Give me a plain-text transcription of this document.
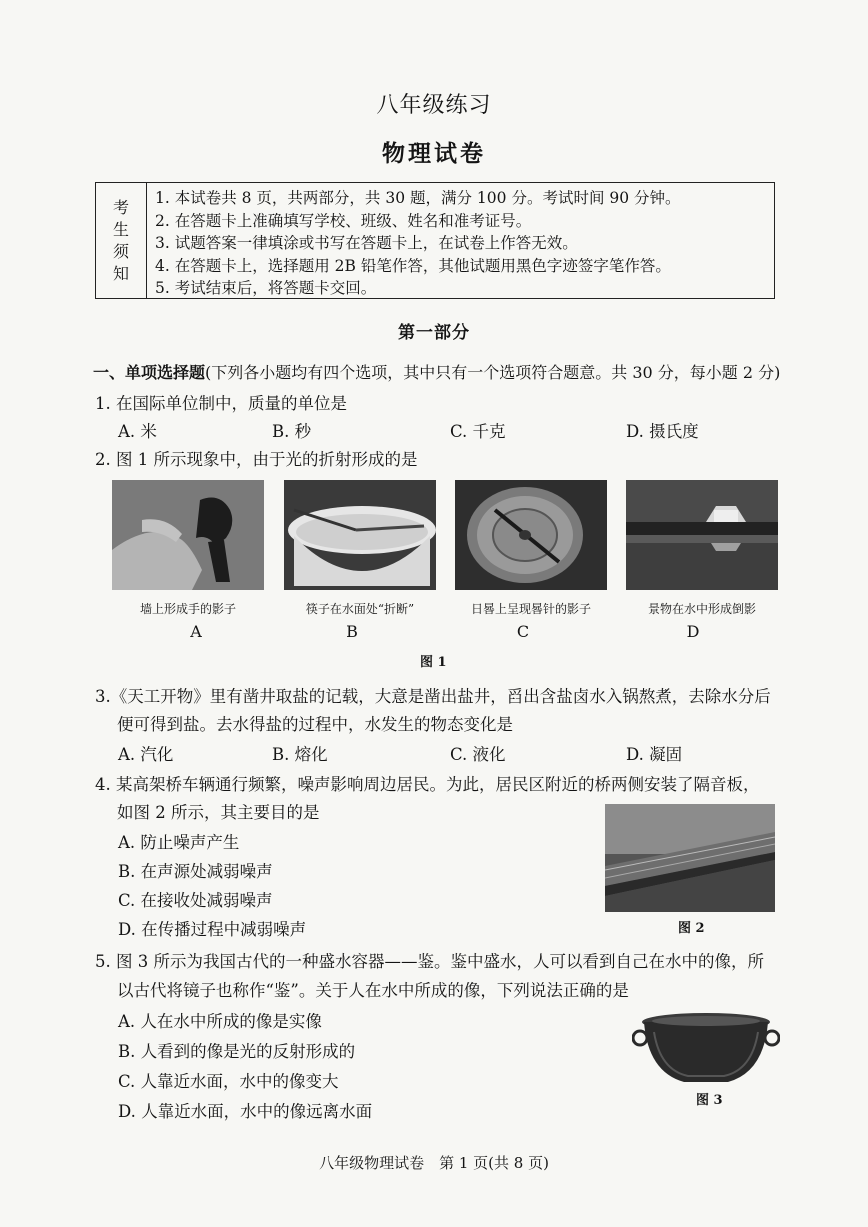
八年级练习
物理试卷
考
生
须
知
1. 本试卷共 8 页，共两部分，共 30 题，满分 100 分。考试时间 90 分钟。
2. 在答题卡上准确填写学校、班级、姓名和准考证号。
3. 试题答案一律填涂或书写在答题卡上，在试卷上作答无效。
4. 在答题卡上，选择题用 2B 铅笔作答，其他试题用黑色字迹签字笔作答。
5. 考试结束后，将答题卡交回。
第一部分
一、单项选择题(下列各小题均有四个选项，其中只有一个选项符合题意。共 30 分，每小题 2 分)
1. 在国际单位制中，质量的单位是
A. 米	B. 秒	C. 千克	D. 摄氏度
2. 图 1 所示现象中，由于光的折射形成的是
墙上形成手的影子	筷子在水面处“折断”	日晷上呈现晷针的影子	景物在水中形成倒影
A	B	C	D
图 1
3.《天工开物》里有凿井取盐的记载，大意是凿出盐井，舀出含盐卤水入锅熬煮，去除水分后
便可得到盐。去水得盐的过程中，水发生的物态变化是
A. 汽化	B. 熔化	C. 液化	D. 凝固
4. 某高架桥车辆通行频繁，噪声影响周边居民。为此，居民区附近的桥两侧安装了隔音板，
如图 2 所示，其主要目的是
A. 防止噪声产生
B. 在声源处减弱噪声
C. 在接收处减弱噪声
D. 在传播过程中减弱噪声	图 2
5. 图 3 所示为我国古代的一种盛水容器——鉴。鉴中盛水，人可以看到自己在水中的像，所
以古代将镜子也称作“鉴”。关于人在水中所成的像，下列说法正确的是
A. 人在水中所成的像是实像
B. 人看到的像是光的反射形成的
C. 人靠近水面，水中的像变大
D. 人靠近水面，水中的像远离水面
图 3
八年级物理试卷　第 1 页(共 8 页)
